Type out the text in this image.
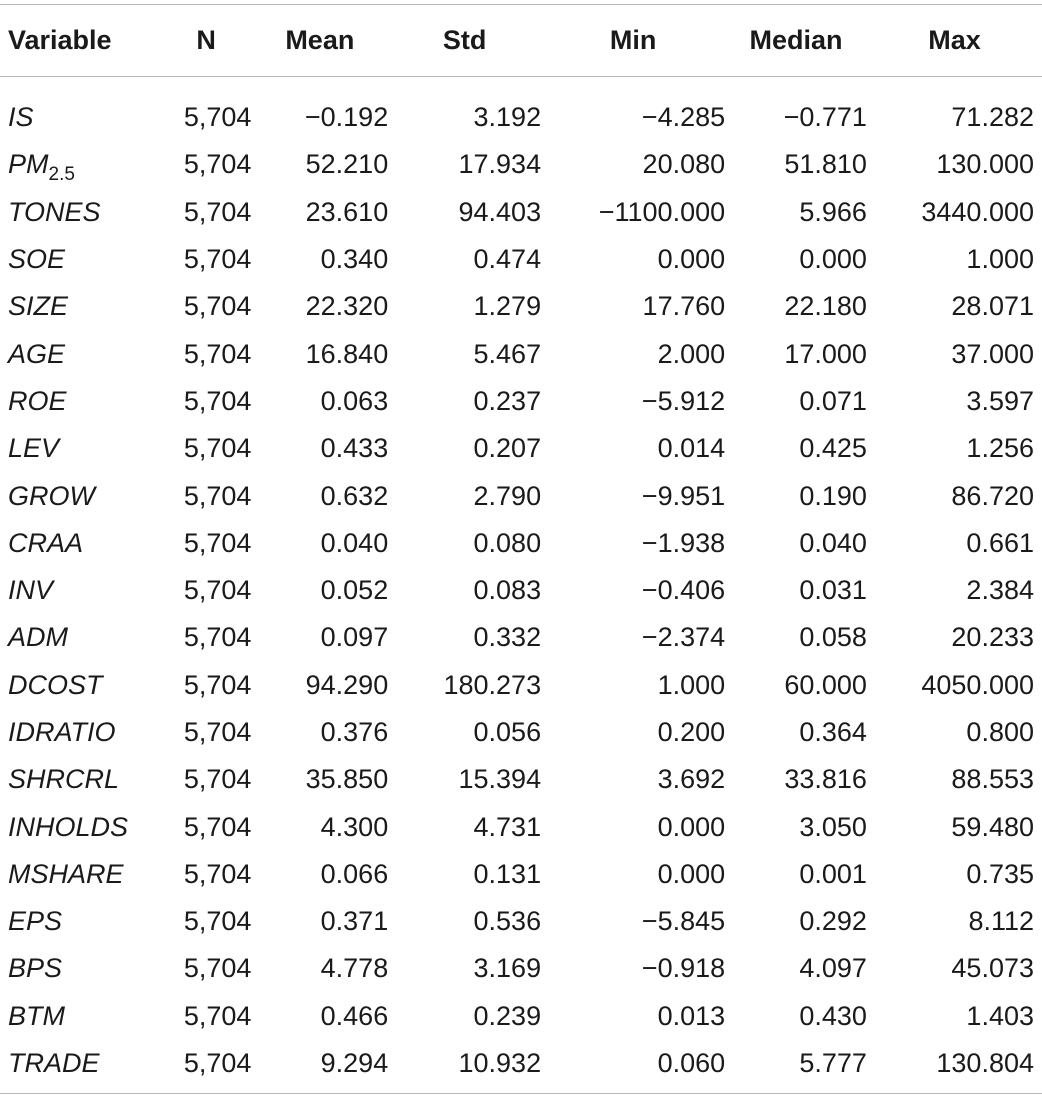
Variable	N	Mean	Std	Min	Median	Max

IS	5,704	−0.192	3.192	−4.285	−0.771	71.282
$PM_{2.5}$	5,704	52.210	17.934	20.080	51.810	130.000
TONES	5,704	23.610	94.403	−1100.000	5.966	3440.000
SOE	5,704	0.340	0.474	0.000	0.000	1.000
SIZE	5,704	22.320	1.279	17.760	22.180	28.071
AGE	5,704	16.840	5.467	2.000	17.000	37.000
ROE	5,704	0.063	0.237	−5.912	0.071	3.597
LEV	5,704	0.433	0.207	0.014	0.425	1.256
GROW	5,704	0.632	2.790	−9.951	0.190	86.720
CRAA	5,704	0.040	0.080	−1.938	0.040	0.661
INV	5,704	0.052	0.083	−0.406	0.031	2.384
ADM	5,704	0.097	0.332	−2.374	0.058	20.233
DCOST	5,704	94.290	180.273	1.000	60.000	4050.000
IDRATIO	5,704	0.376	0.056	0.200	0.364	0.800
SHRCRL	5,704	35.850	15.394	3.692	33.816	88.553
INHOLDS	5,704	4.300	4.731	0.000	3.050	59.480
MSHARE	5,704	0.066	0.131	0.000	0.001	0.735
EPS	5,704	0.371	0.536	−5.845	0.292	8.112
BPS	5,704	4.778	3.169	−0.918	4.097	45.073
BTM	5,704	0.466	0.239	0.013	0.430	1.403
TRADE	5,704	9.294	10.932	0.060	5.777	130.804
